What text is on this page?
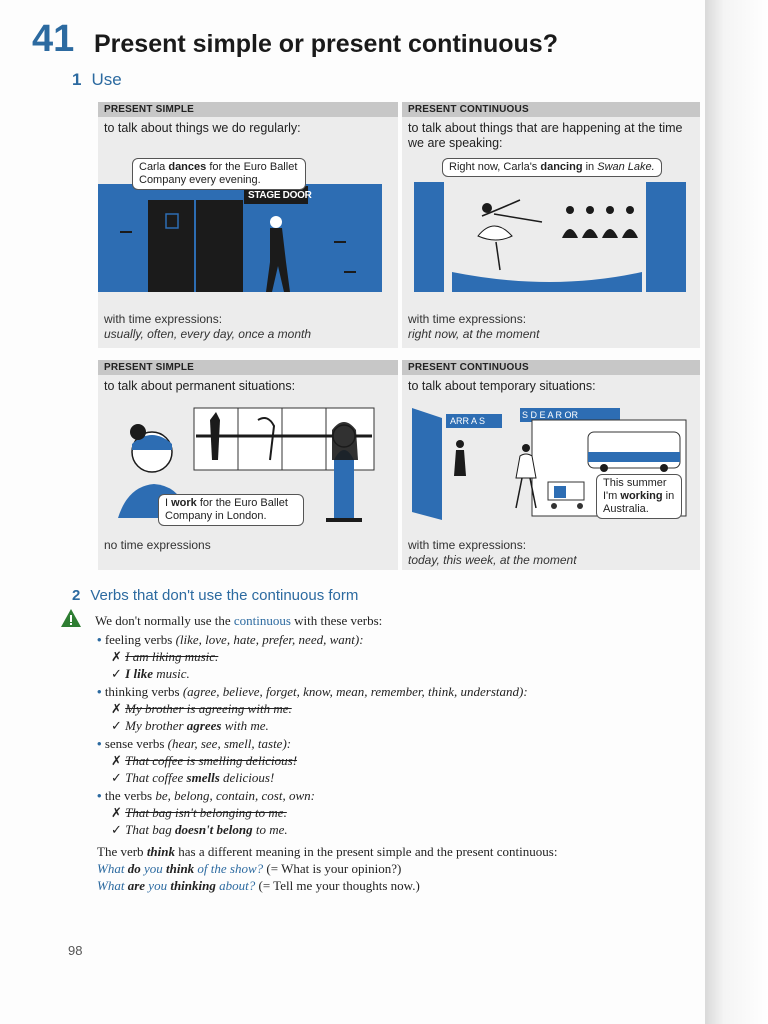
41 Present simple or present continuous?
1 Use
PRESENT SIMPLE
to talk about things we do regularly:
STAGE DOOR
Carla dances for the Euro Ballet Company every evening.
with time expressions:
usually, often, every day, once a month
PRESENT CONTINUOUS
to talk about things that are happening at the time we are speaking:
Right now, Carla's dancing in Swan Lake.
with time expressions:
right now, at the moment
PRESENT SIMPLE
to talk about permanent situations:
I work for the Euro Ballet Company in London.
no time expressions
PRESENT CONTINUOUS
to talk about temporary situations:
ARR A S
S D E A R OR
This summer I'm working in Australia.
with time expressions:
today, this week, at the moment
2 Verbs that don't use the continuous form
We don't normally use the continuous with these verbs:
• feeling verbs (like, love, hate, prefer, need, want):
✗ I am liking music.
✓ I like music.
• thinking verbs (agree, believe, forget, know, mean, remember, think, understand):
✗ My brother is agreeing with me.
✓ My brother agrees with me.
• sense verbs (hear, see, smell, taste):
✗ That coffee is smelling delicious!
✓ That coffee smells delicious!
• the verbs be, belong, contain, cost, own:
✗ That bag isn't belonging to me.
✓ That bag doesn't belong to me.
The verb think has a different meaning in the present simple and the present continuous:
What do you think of the show? (= What is your opinion?)
What are you thinking about? (= Tell me your thoughts now.)
98
